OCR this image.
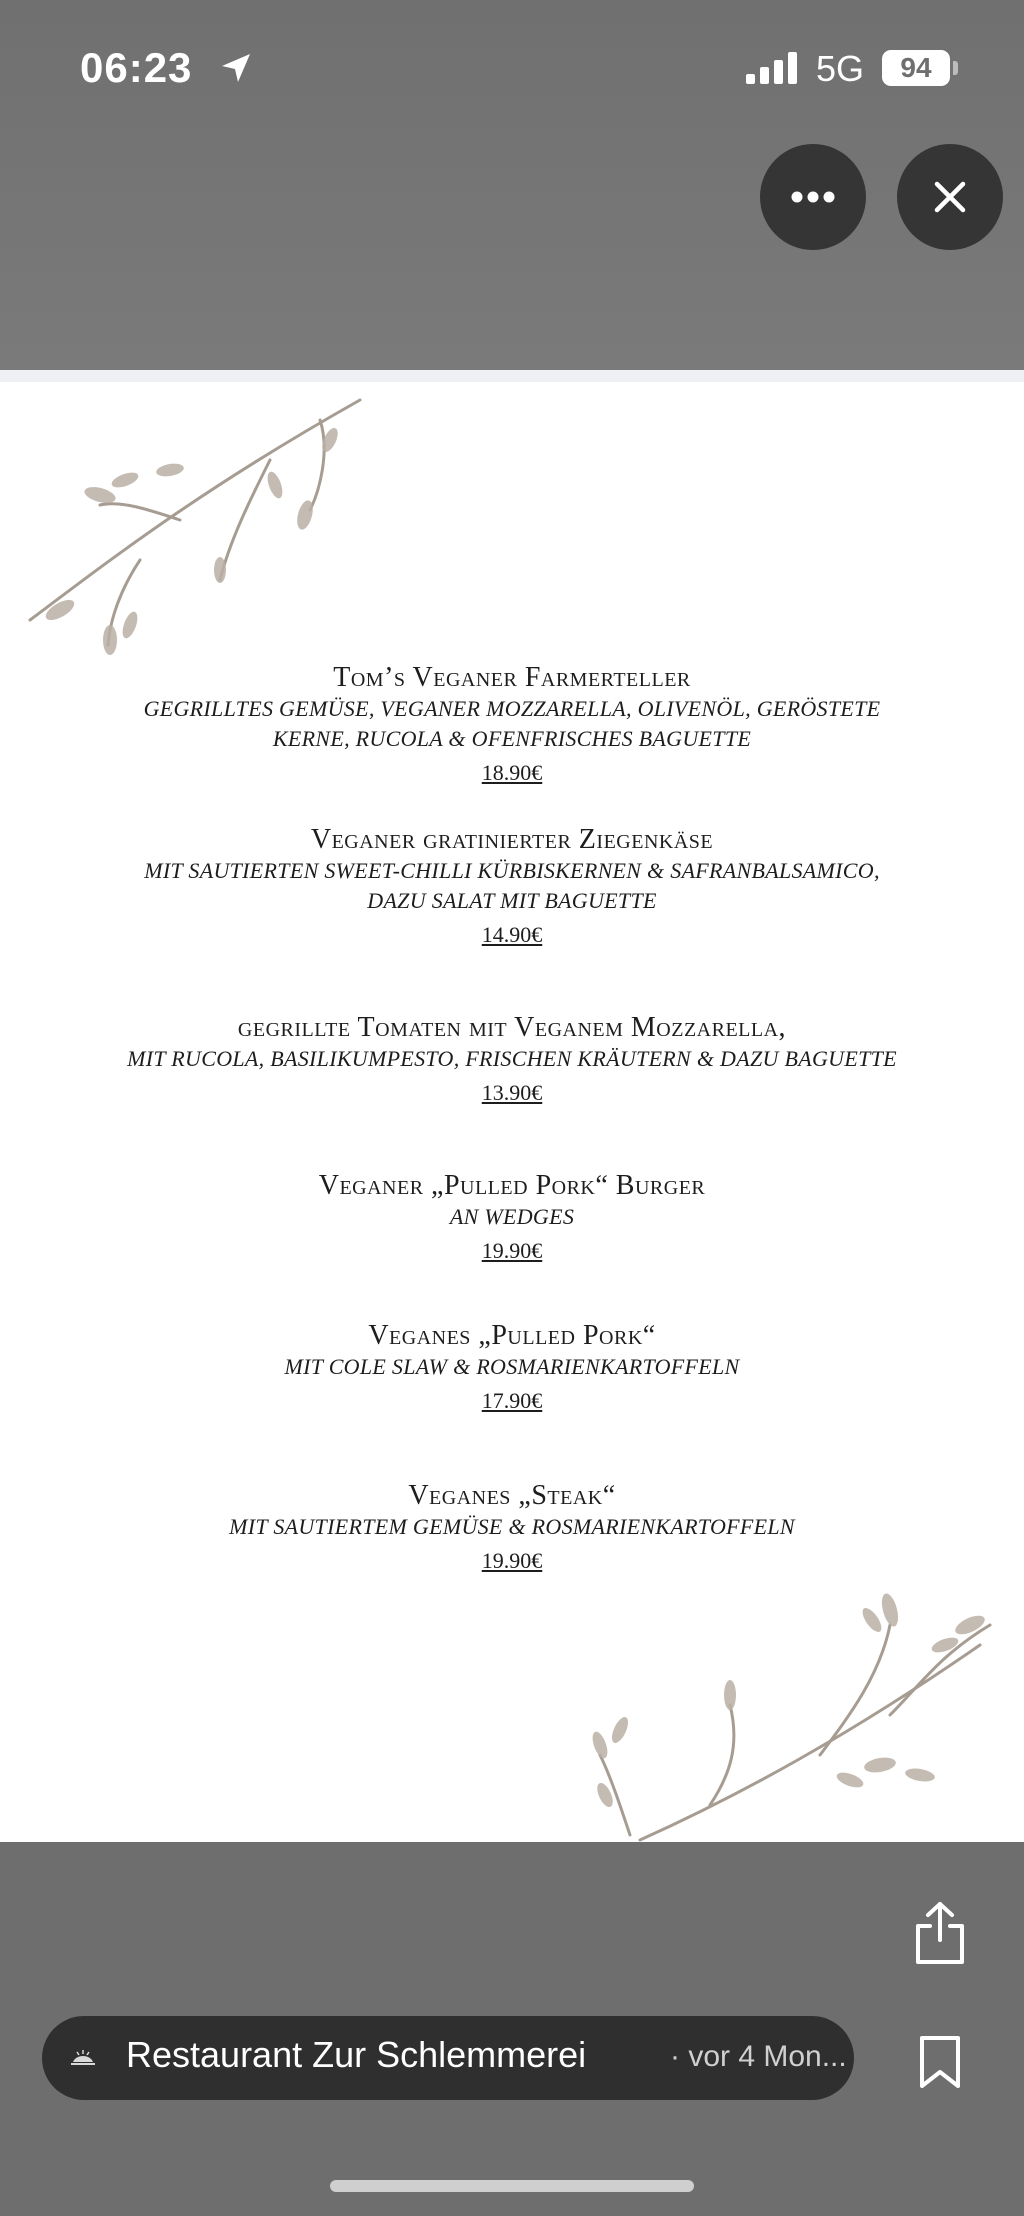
06:23	5G	94
Tom’s Veganer Farmerteller
GEGRILLTES GEMÜSE, VEGANER MOZZARELLA, OLIVENÖL, GERÖSTETE
KERNE, RUCOLA & OFENFRISCHES BAGUETTE
18.90€
Veganer gratinierter Ziegenkäse
MIT SAUTIERTEN SWEET-CHILLI KÜRBISKERNEN & SAFRANBALSAMICO,
DAZU SALAT MIT BAGUETTE
14.90€
gegrillte Tomaten mit Veganem Mozzarella,
MIT RUCOLA, BASILIKUMPESTO, FRISCHEN KRÄUTERN & DAZU BAGUETTE
13.90€
Veganer „Pulled Pork“ Burger
AN WEDGES
19.90€
Veganes „Pulled Pork“
MIT COLE SLAW & ROSMARIENKARTOFFELN
17.90€
Veganes „Steak“
MIT SAUTIERTEM GEMÜSE & ROSMARIENKARTOFFELN
19.90€
Restaurant Zur Schlemmerei	· vor 4 Mon...
